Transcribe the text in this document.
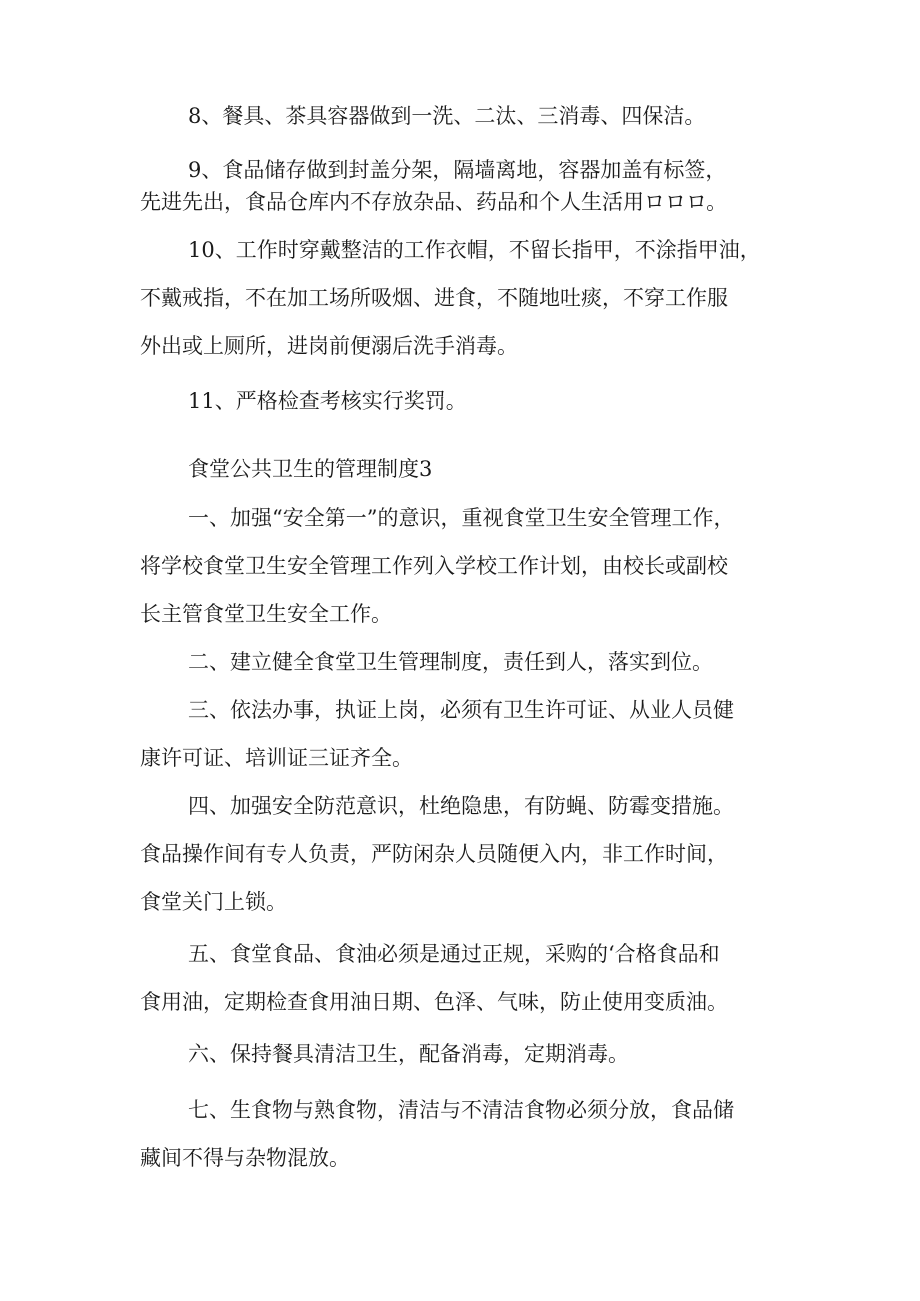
8、餐具、茶具容器做到一洗、二汰、三消毒、四保洁。
9、食品储存做到封盖分架，隔墙离地，容器加盖有标签，
先进先出，食品仓库内不存放杂品、药品和个人生活用ロロロ。
10、工作时穿戴整洁的工作衣帽，不留长指甲，不涂指甲油，
不戴戒指，不在加工场所吸烟、进食，不随地吐痰，不穿工作服
外出或上厕所，进岗前便溺后洗手消毒。
11、严格检查考核实行奖罚。
食堂公共卫生的管理制度3
一、加强“安全第一”的意识，重视食堂卫生安全管理工作，
将学校食堂卫生安全管理工作列入学校工作计划，由校长或副校
长主管食堂卫生安全工作。
二、建立健全食堂卫生管理制度，责任到人，落实到位。
三、依法办事，执证上岗，必须有卫生许可证、从业人员健
康许可证、培训证三证齐全。
四、加强安全防范意识，杜绝隐患，有防蝇、防霉变措施。
食品操作间有专人负责，严防闲杂人员随便入内，非工作时间，
食堂关门上锁。
五、食堂食品、食油必须是通过正规，采购的‘合格食品和
食用油，定期检查食用油日期、色泽、气味，防止使用变质油。
六、保持餐具清洁卫生，配备消毒，定期消毒。
七、生食物与熟食物，清洁与不清洁食物必须分放，食品储
藏间不得与杂物混放。
